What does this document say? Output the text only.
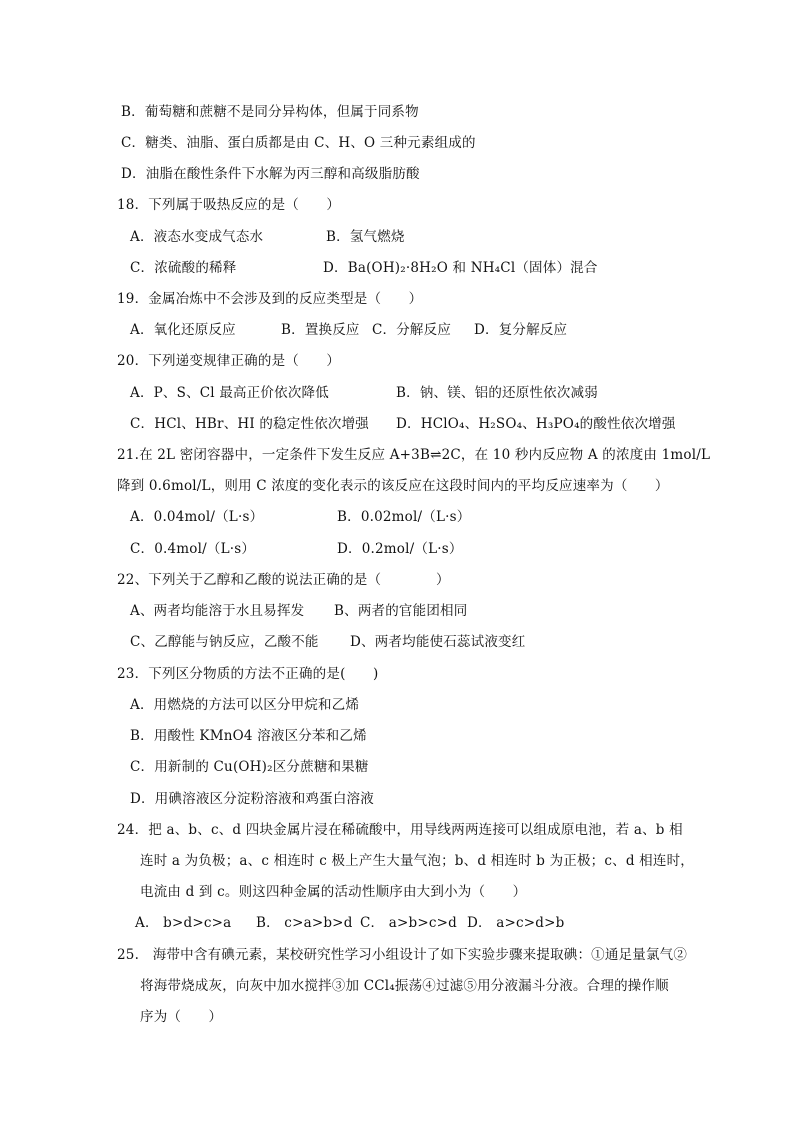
B．葡萄糖和蔗糖不是同分异构体，但属于同系物
C．糖类、油脂、蛋白质都是由 C、H、O 三种元素组成的
D．油脂在酸性条件下水解为丙三醇和高级脂肪酸
18．下列属于吸热反应的是（　　）
A．液态水变成气态水	B．氢气燃烧
C．浓硫酸的稀释	D．Ba(OH)₂·8H₂O 和 NH₄Cl（固体）混合
19．金属冶炼中不会涉及到的反应类型是（　　）
A．氧化还原反应	B．置换反应 C．分解反应 D．复分解反应
20．下列递变规律正确的是（　　）
A．P、S、Cl 最高正价依次降低	B．钠、镁、铝的还原性依次减弱
C．HCl、HBr、HI 的稳定性依次增强 D．HClO₄、H₂SO₄、H₃PO₄的酸性依次增强
21.在 2L 密闭容器中，一定条件下发生反应 A+3B⇌2C，在 10 秒内反应物 A 的浓度由 1mol/L
降到 0.6mol/L，则用 C 浓度的变化表示的该反应在这段时间内的平均反应速率为（　　）
A．0.04mol/（L·s）	B．0.02mol/（L·s）
C．0.4mol/（L·s）	D．0.2mol/（L·s）
22、下列关于乙醇和乙酸的说法正确的是（　　　　）
A、两者均能溶于水且易挥发 B、两者的官能团相同
C、乙醇能与钠反应，乙酸不能 D、两者均能使石蕊试液变红
23．下列区分物质的方法不正确的是(　　)
A．用燃烧的方法可以区分甲烷和乙烯
B．用酸性 KMnO4 溶液区分苯和乙烯
C．用新制的 Cu(OH)₂区分蔗糖和果糖
D．用碘溶液区分淀粉溶液和鸡蛋白溶液
24．把 a、b、c、d 四块金属片浸在稀硫酸中，用导线两两连接可以组成原电池，若 a、b 相
连时 a 为负极；a、c 相连时 c 极上产生大量气泡；b、d 相连时 b 为正极；c、d 相连时，
电流由 d 到 c。则这四种金属的活动性顺序由大到小为（　　）
A． b>d>c>a B． c>a>b>d C． a>b>c>d D． a>c>d>b
25.　海带中含有碘元素，某校研究性学习小组设计了如下实验步骤来提取碘：①通足量氯气②
将海带烧成灰，向灰中加水搅拌③加 CCl₄振荡④过滤⑤用分液漏斗分液。合理的操作顺
序为（　　）
